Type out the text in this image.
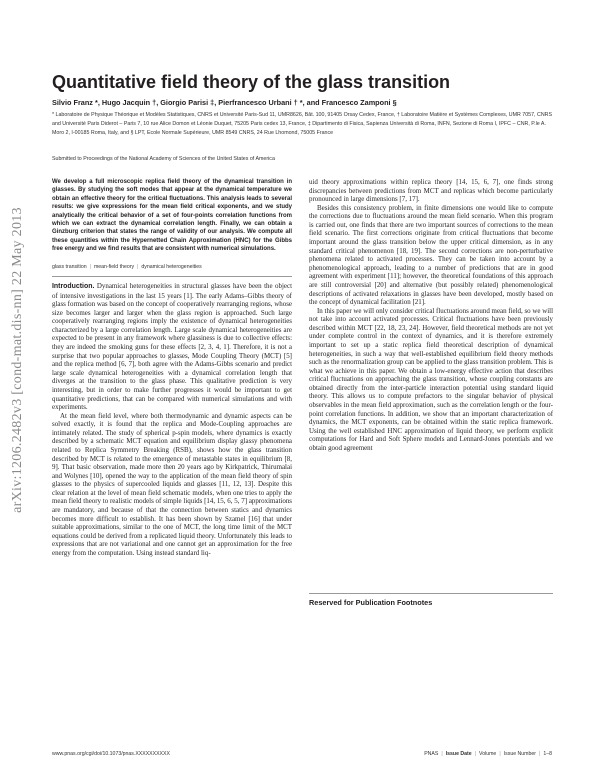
arXiv:1206.2482v3 [cond-mat.dis-nn] 22 May 2013
Quantitative field theory of the glass transition
Silvio Franz *, Hugo Jacquin †, Giorgio Parisi ‡, Pierfrancesco Urbani † *, and Francesco Zamponi §
* Laboratoire de Physique Théorique et Modèles Statistiques, CNRS et Université Paris-Sud 11, UMR8626, Bât. 100, 91405 Orsay Cedex, France, † Laboratoire Matière et Systèmes Complexes, UMR 7057, CNRS and Université Paris Diderot – Paris 7, 10 rue Alice Domon et Léonie Duquet, 75205 Paris cedex 13, France, ‡ Dipartimento di Fisica, Sapienza Università di Roma, INFN, Sezione di Roma I, IPFC – CNR, P.le A. Moro 2, I-00185 Roma, Italy, and § LPT, Ecole Normale Supérieure, UMR 8549 CNRS, 24 Rue Lhomond, 75005 France
Submitted to Proceedings of the National Academy of Sciences of the United States of America
We develop a full microscopic replica field theory of the dynamical transition in glasses. By studying the soft modes that appear at the dynamical temperature we obtain an effective theory for the critical fluctuations. This analysis leads to several results: we give expressions for the mean field critical exponents, and we study analytically the critical behavior of a set of four-points correlation functions from which we can extract the dynamical correlation length. Finally, we can obtain a Ginzburg criterion that states the range of validity of our analysis. We compute all these quantities within the Hypernetted Chain Approximation (HNC) for the Gibbs free energy and we find results that are consistent with numerical simulations.
glass transition | mean-field theory | dynamical heterogeneities

Introduction. Dynamical heterogeneities in structural glasses have been the object of intensive investigations in the last 15 years [1]. The early Adams–Gibbs theory of glass formation was based on the concept of cooperatively rearranging regions, whose size becomes larger and larger when the glass region is approached. Such large cooperatively rearranging regions imply the existence of dynamical heterogeneities characterized by a large correlation length. Large scale dynamical heterogeneities are expected to be present in any framework where glassiness is due to collective effects: they are indeed the smoking guns for these effects [2, 3, 4, 1]. Therefore, it is not a surprise that two popular approaches to glasses, Mode Coupling Theory (MCT) [5] and the replica method [6, 7], both agree with the Adams-Gibbs scenario and predict large scale dynamical heterogeneities with a dynamical correlation length that diverges at the transition to the glass phase. This qualitative prediction is very interesting, but in order to make further progresses it would be important to get quantitative predictions, that can be compared with numerical simulations and with experiments.

At the mean field level, where both thermodynamic and dynamic aspects can be solved exactly, it is found that the replica and Mode-Coupling approaches are intimately related. The study of spherical p-spin models, where dynamics is exactly described by a schematic MCT equation and equilibrium display glassy phenomena related to Replica Symmetry Breaking (RSB), shows how the glass transition described by MCT is related to the emergence of metastable states in equilibrium [8, 9]. That basic observation, made more then 20 years ago by Kirkpatrick, Thirumalai and Wolynes [10], opened the way to the application of the mean field theory of spin glasses to the physics of supercooled liquids and glasses [11, 12, 13]. Despite this clear relation at the level of mean field schematic models, when one tries to apply the mean field theory to realistic models of simple liquids [14, 15, 6, 5, 7] approximations are mandatory, and because of that the connection between statics and dynamics becomes more difficult to establish. It has been shown by Szamel [16] that under suitable approximations, similar to the one of MCT, the long time limit of the MCT equations could be derived from a replicated liquid theory. Unfortunately this leads to expressions that are not variational and one cannot get an approximation for the free energy from the computation. Using instead standard liq-

uid theory approximations within replica theory [14, 15, 6, 7], one finds strong discrepancies between predictions from MCT and replicas which become particularly pronounced in large dimensions [7, 17].

Besides this consistency problem, in finite dimensions one would like to compute the corrections due to fluctuations around the mean field scenario. When this program is carried out, one finds that there are two important sources of corrections to the mean field scenario. The first corrections originate from critical fluctuations that become important around the glass transition below the upper critical dimension, as in any standard critical phenomenon [18, 19]. The second corrections are non-perturbative phenomena related to activated processes. They can be taken into account by a phenomenological approach, leading to a number of predictions that are in good agreement with experiment [11]; however, the theoretical foundations of this approach are still controversial [20] and alternative (but possibly related) phenomenological descriptions of activated relaxations in glasses have been developed, mostly based on the concept of dynamical facilitation [21].

In this paper we will only consider critical fluctuations around mean field, so we will not take into account activated processes. Critical fluctuations have been previously described within MCT [22, 18, 23, 24]. However, field theoretical methods are not yet under complete control in the context of dynamics, and it is therefore extremely important to set up a static replica field theoretical description of dynamical heterogeneities, in such a way that well-established equilibrium field theory methods such as the renormalization group can be applied to the glass transition problem. This is what we achieve in this paper. We obtain a low-energy effective action that describes critical fluctuations on approaching the glass transition, whose coupling constants are obtained directly from the inter-particle interaction potential using standard liquid theory. This allows us to compute prefactors to the singular behavior of physical observables in the mean field approximation, such as the correlation length or the four-point correlation functions. In addition, we show that an important characterization of dynamics, the MCT exponents, can be obtained within the static replica framework. Using the well established HNC approximation of liquid theory, we perform explicit computations for Hard and Soft Sphere models and Lennard-Jones potentials and we obtain good agreement

Reserved for Publication Footnotes
www.pnas.org/cgi/doi/10.1073/pnas.XXXXXXXXXX	PNAS | Issue Date | Volume | Issue Number | 1–8
